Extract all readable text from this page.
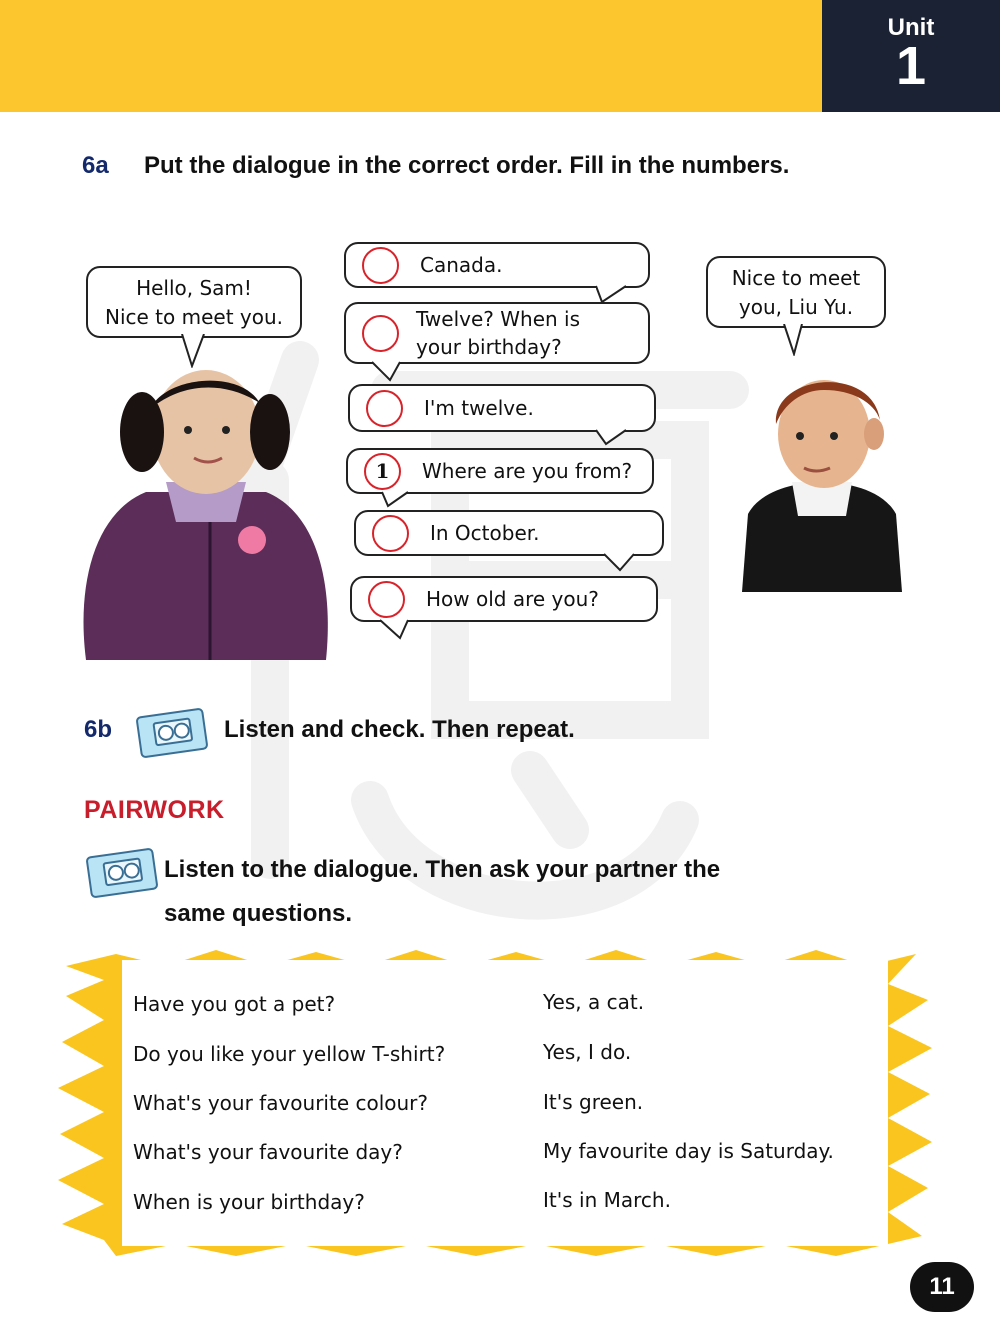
Unit
1
6a Put the dialogue in the correct order. Fill in the numbers.
Hello, Sam!
Nice to meet you.
Nice to meet
you, Liu Yu.
Canada.
Twelve? When is
your birthday?
I'm twelve.
1	Where are you from?
In October.
How old are you?
6b	Listen and check. Then repeat.
PAIRWORK
Listen to the dialogue. Then ask your partner the
same questions.
Have you got a pet?	Yes, a cat.
Do you like your yellow T-shirt?	Yes, I do.
What's your favourite colour?	It's green.
What's your favourite day?	My favourite day is Saturday.
When is your birthday?	It's in March.
11
